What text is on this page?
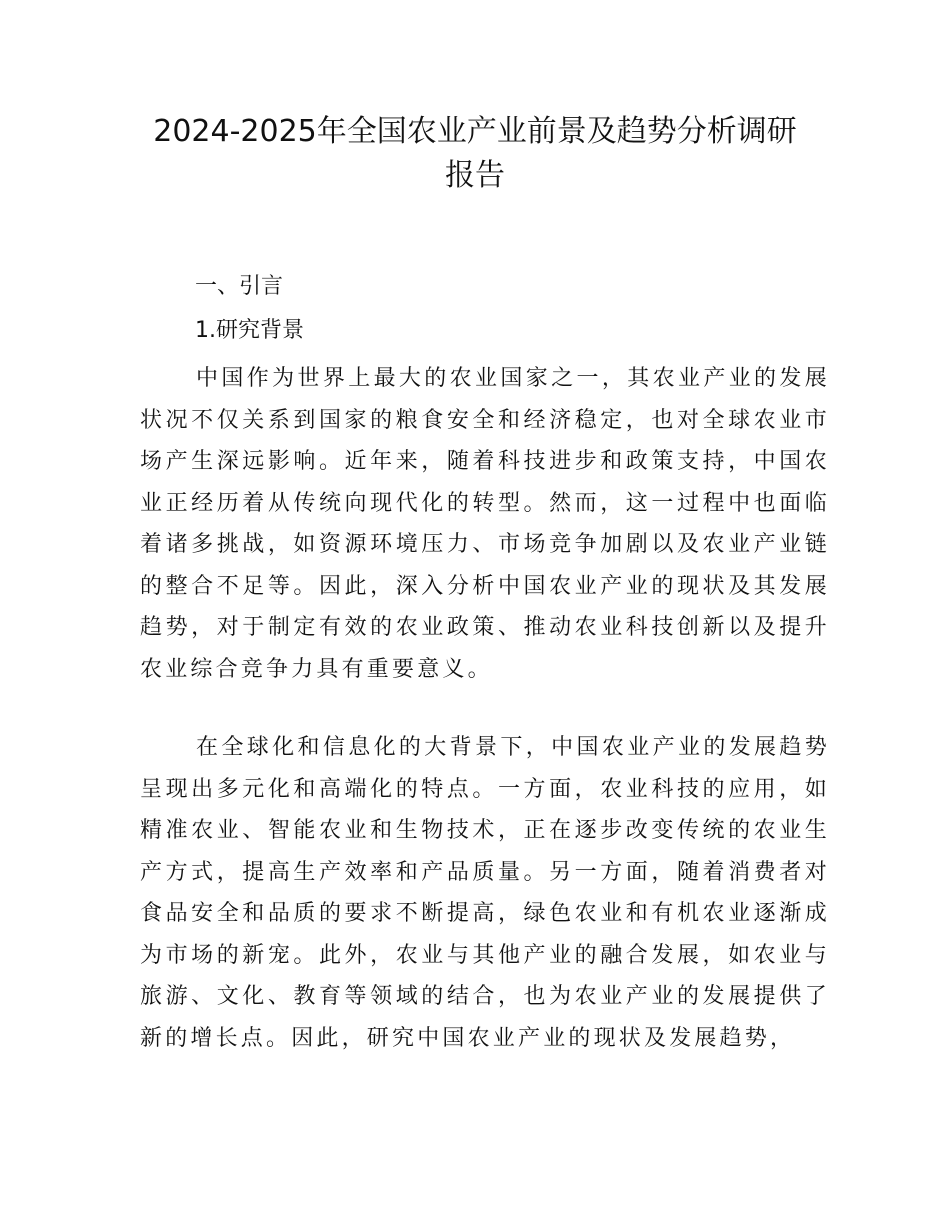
2024-2025年全国农业产业前景及趋势分析调研报告

一、引言

1.研究背景

中国作为世界上最大的农业国家之一，其农业产业的发展状况不仅关系到国家的粮食安全和经济稳定，也对全球农业市场产生深远影响。近年来，随着科技进步和政策支持，中国农业正经历着从传统向现代化的转型。然而，这一过程中也面临着诸多挑战，如资源环境压力、市场竞争加剧以及农业产业链的整合不足等。因此，深入分析中国农业产业的现状及其发展趋势，对于制定有效的农业政策、推动农业科技创新以及提升农业综合竞争力具有重要意义。

在全球化和信息化的大背景下，中国农业产业的发展趋势呈现出多元化和高端化的特点。一方面，农业科技的应用，如精准农业、智能农业和生物技术，正在逐步改变传统的农业生产方式，提高生产效率和产品质量。另一方面，随着消费者对食品安全和品质的要求不断提高，绿色农业和有机农业逐渐成为市场的新宠。此外，农业与其他产业的融合发展，如农业与旅游、文化、教育等领域的结合，也为农业产业的发展提供了新的增长点。因此，研究中国农业产业的现状及发展趋势，
